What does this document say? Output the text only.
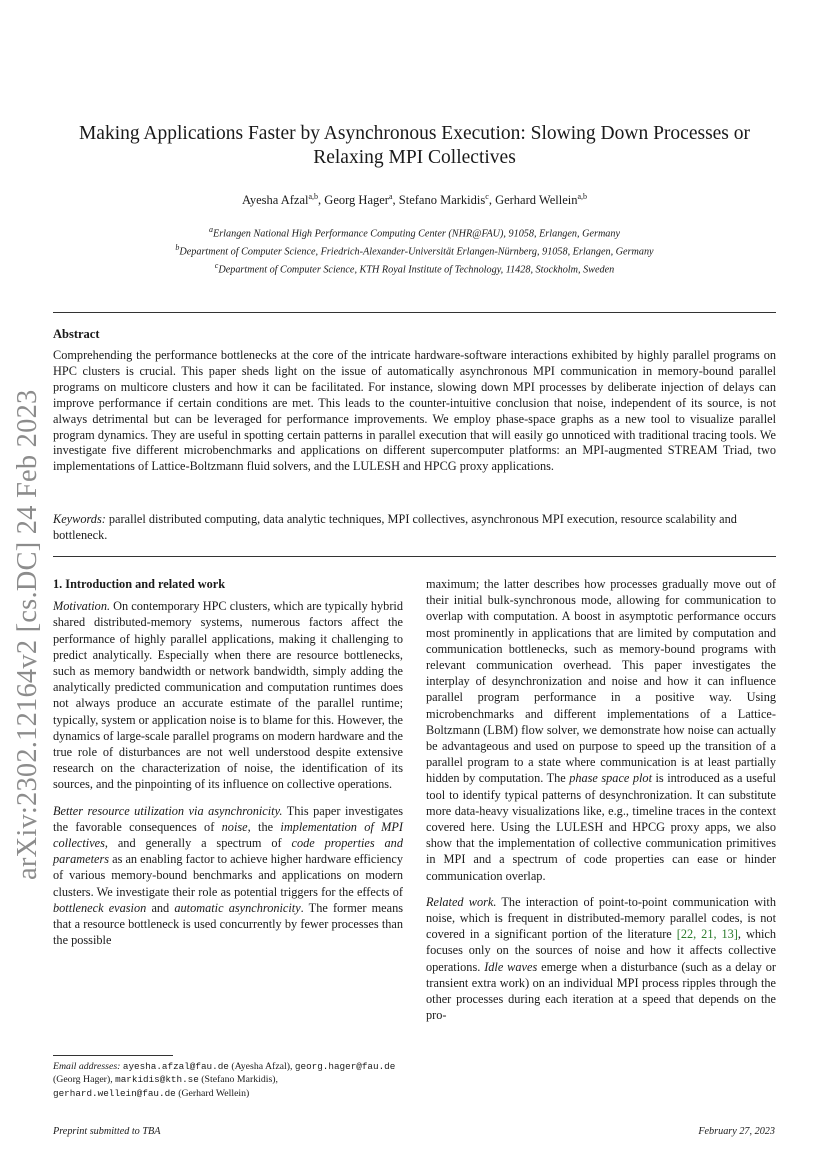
arXiv:2302.12164v2 [cs.DC] 24 Feb 2023
Making Applications Faster by Asynchronous Execution: Slowing Down Processes or
Relaxing MPI Collectives
Ayesha Afzal$^{a,b}$, Georg Hager$^a$, Stefano Markidis$^c$, Gerhard Wellein$^{a,b}$
$^a$Erlangen National High Performance Computing Center (NHR@FAU), 91058, Erlangen, Germany
$^b$Department of Computer Science, Friedrich-Alexander-Universität Erlangen-Nürnberg, 91058, Erlangen, Germany
$^c$Department of Computer Science, KTH Royal Institute of Technology, 11428, Stockholm, Sweden
Abstract
Comprehending the performance bottlenecks at the core of the intricate hardware-software interactions exhibited by highly parallel programs on HPC clusters is crucial. This paper sheds light on the issue of automatically asynchronous MPI communication in memory-bound parallel programs on multicore clusters and how it can be facilitated. For instance, slowing down MPI processes by deliberate injection of delays can improve performance if certain conditions are met. This leads to the counter-intuitive conclusion that noise, independent of its source, is not always detrimental but can be leveraged for performance improvements. We employ phase-space graphs as a new tool to visualize parallel program dynamics. They are useful in spotting certain patterns in parallel execution that will easily go unnoticed with traditional tracing tools. We investigate five different microbenchmarks and applications on different supercomputer platforms: an MPI-augmented STREAM Triad, two implementations of Lattice-Boltzmann fluid solvers, and the LULESH and HPCG proxy applications.
Keywords: parallel distributed computing, data analytic techniques, MPI collectives, asynchronous MPI execution, resource scalability and bottleneck.
1. Introduction and related work

Motivation. On contemporary HPC clusters, which are typically hybrid shared distributed-memory systems, numerous factors affect the performance of highly parallel applications, making it challenging to predict analytically. Especially when there are resource bottlenecks, such as memory bandwidth or network bandwidth, simply adding the analytically predicted communication and computation runtimes does not always produce an accurate estimate of the parallel runtime; typically, system or application noise is to blame for this. However, the dynamics of large-scale parallel programs on modern hardware and the true role of disturbances are not well understood despite extensive research on the characterization of noise, the identification of its sources, and the pinpointing of its influence on collective operations.

Better resource utilization via asynchronicity. This paper investigates the favorable consequences of noise, the implementation of MPI collectives, and generally a spectrum of code properties and parameters as an enabling factor to achieve higher hardware efficiency of various memory-bound benchmarks and applications on modern clusters. We investigate their role as potential triggers for the effects of bottleneck evasion and automatic asynchronicity. The former means that a resource bottleneck is used concurrently by fewer processes than the possible

maximum; the latter describes how processes gradually move out of their initial bulk-synchronous mode, allowing for communication to overlap with computation. A boost in asymptotic performance occurs most prominently in applications that are limited by computation and communication bottlenecks, such as memory-bound programs with relevant communication overhead. This paper investigates the interplay of desynchronization and noise and how it can influence parallel program performance in a positive way. Using microbenchmarks and different implementations of a Lattice-Boltzmann (LBM) flow solver, we demonstrate how noise can actually be advantageous and used on purpose to speed up the transition of a parallel program to a state where communication is at least partially hidden by computation. The phase space plot is introduced as a useful tool to identify typical patterns of desynchronization. It can substitute more data-heavy visualizations like, e.g., timeline traces in the context covered here. Using the LULESH and HPCG proxy apps, we also show that the implementation of collective communication primitives in MPI and a spectrum of code properties can ease or hinder communication overlap.

Related work. The interaction of point-to-point communication with noise, which is frequent in distributed-memory parallel codes, is not covered in a significant portion of the literature [22, 21, 13], which focuses only on the sources of noise and how it affects collective operations. Idle waves emerge when a disturbance (such as a delay or transient extra work) on an individual MPI process ripples through the other processes during each iteration at a speed that depends on the pro-

Email addresses: ayesha.afzal@fau.de (Ayesha Afzal), georg.hager@fau.de (Georg Hager), markidis@kth.se (Stefano Markidis), gerhard.wellein@fau.de (Gerhard Wellein)
Preprint submitted to TBA	February 27, 2023
